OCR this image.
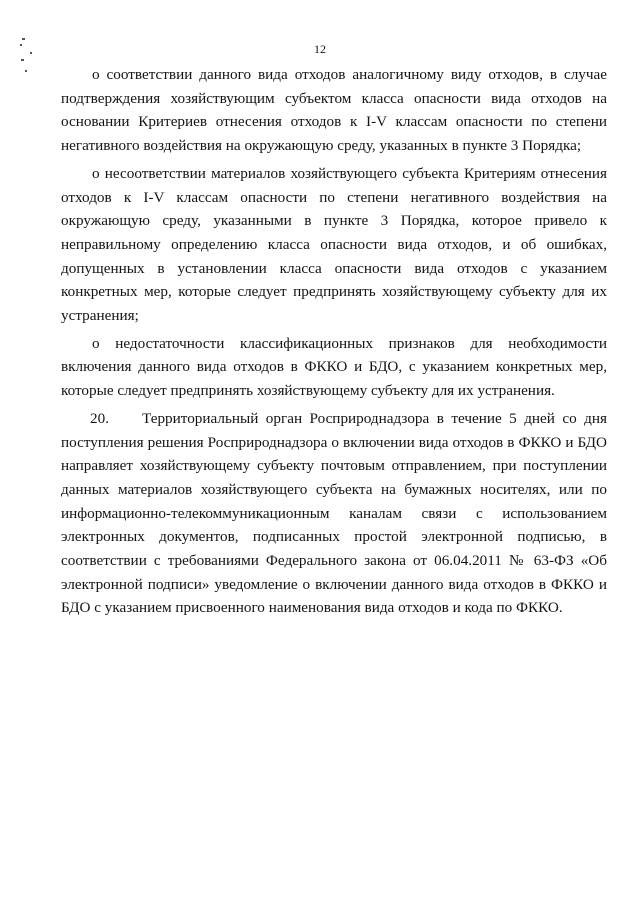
12

о соответствии данного вида отходов аналогичному виду отходов, в случае подтверждения хозяйствующим субъектом класса опасности вида отходов на основании Критериев отнесения отходов к I-V классам опасности по степени негативного воздействия на окружающую среду, указанных в пункте 3 Порядка;

о несоответствии материалов хозяйствующего субъекта Критериям отнесения отходов к I-V классам опасности по степени негативного воздействия на окружающую среду, указанными в пункте 3 Порядка, которое привело к неправильному определению класса опасности вида отходов, и об ошибках, допущенных в установлении класса опасности вида отходов с указанием конкретных мер, которые следует предпринять хозяйствующему субъекту для их устранения;

о недостаточности классификационных признаков для необходимости включения данного вида отходов в ФККО и БДО, с указанием конкретных мер, которые следует предпринять хозяйствующему субъекту для их устранения.

20. Территориальный орган Росприроднадзора в течение 5 дней со дня поступления решения Росприроднадзора о включении вида отходов в ФККО и БДО направляет хозяйствующему субъекту почтовым отправлением, при поступлении данных материалов хозяйствующего субъекта на бумажных носителях, или по информационно-телекоммуникационным каналам связи с использованием электронных документов, подписанных простой электронной подписью, в соответствии с требованиями Федерального закона от 06.04.2011 № 63-ФЗ «Об электронной подписи» уведомление о включении данного вида отходов в ФККО и БДО с указанием присвоенного наименования вида отходов и кода по ФККО.
